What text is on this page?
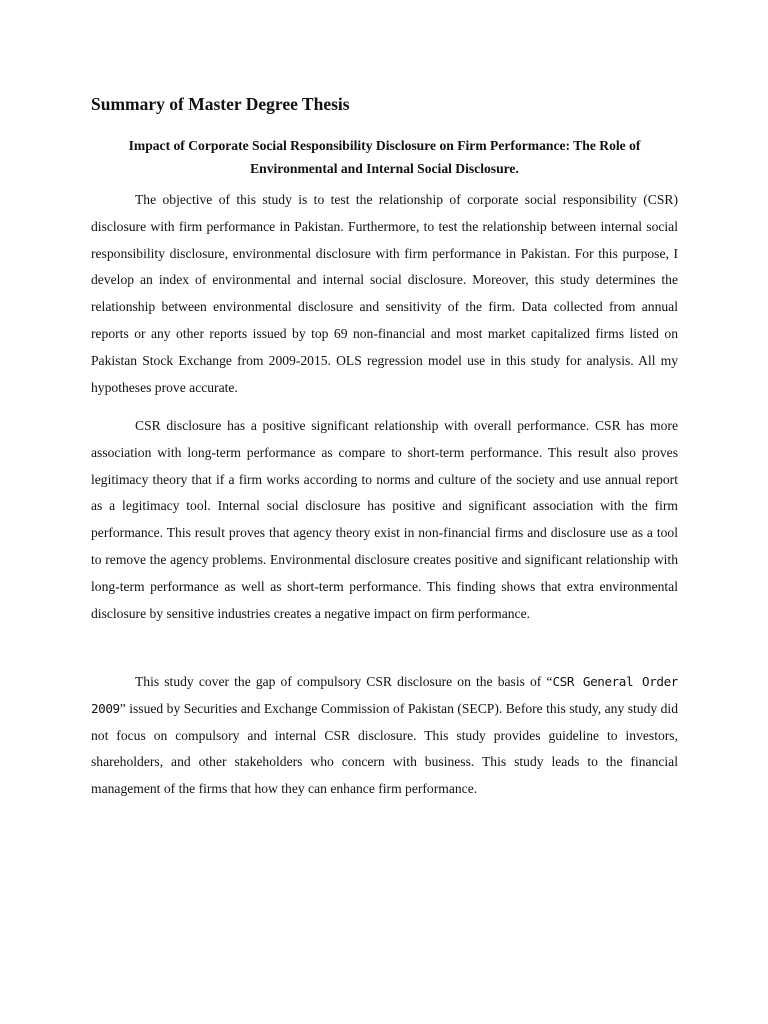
Summary of Master Degree Thesis
Impact of Corporate Social Responsibility Disclosure on Firm Performance: The Role of Environmental and Internal Social Disclosure.

The objective of this study is to test the relationship of corporate social responsibility (CSR) disclosure with firm performance in Pakistan. Furthermore, to test the relationship between internal social responsibility disclosure, environmental disclosure with firm performance in Pakistan. For this purpose, I develop an index of environmental and internal social disclosure. Moreover, this study determines the relationship between environmental disclosure and sensitivity of the firm. Data collected from annual reports or any other reports issued by top 69 non-financial and most market capitalized firms listed on Pakistan Stock Exchange from 2009-2015. OLS regression model use in this study for analysis. All my hypotheses prove accurate.

CSR disclosure has a positive significant relationship with overall performance. CSR has more association with long-term performance as compare to short-term performance. This result also proves legitimacy theory that if a firm works according to norms and culture of the society and use annual report as a legitimacy tool. Internal social disclosure has positive and significant association with the firm performance. This result proves that agency theory exist in non-financial firms and disclosure use as a tool to remove the agency problems. Environmental disclosure creates positive and significant relationship with long-term performance as well as short-term performance. This finding shows that extra environmental disclosure by sensitive industries creates a negative impact on firm performance.

This study cover the gap of compulsory CSR disclosure on the basis of “CSR General Order 2009” issued by Securities and Exchange Commission of Pakistan (SECP). Before this study, any study did not focus on compulsory and internal CSR disclosure. This study provides guideline to investors, shareholders, and other stakeholders who concern with business. This study leads to the financial management of the firms that how they can enhance firm performance.
